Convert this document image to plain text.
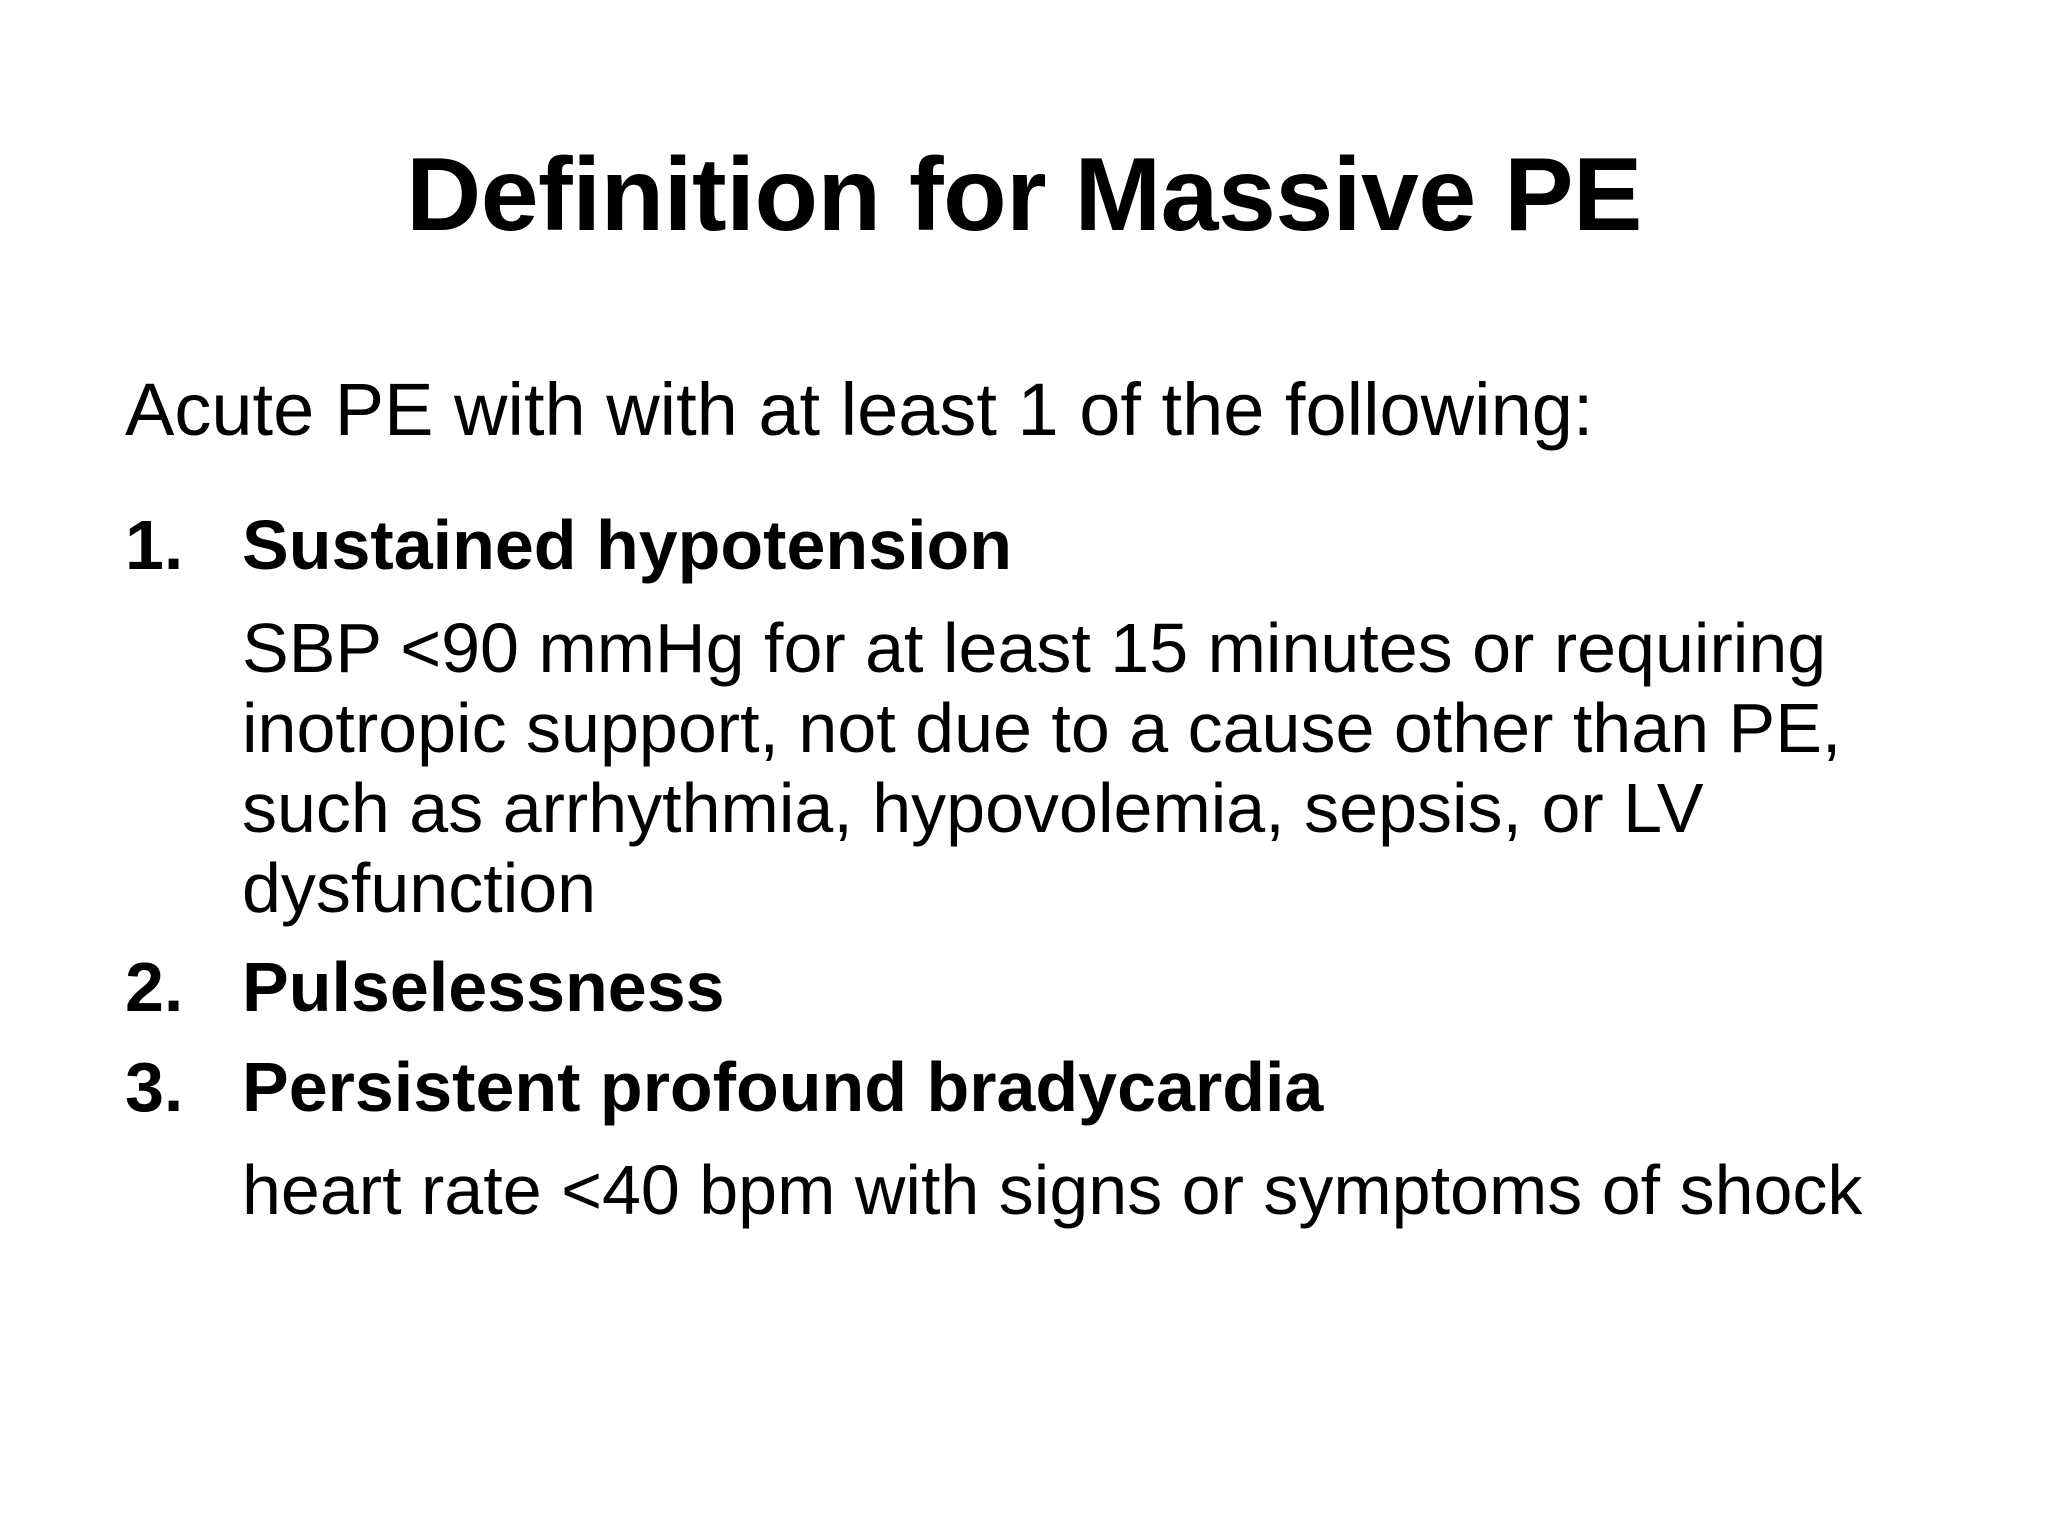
Definition for Massive PE
Acute PE with with at least 1 of the following:
1. Sustained hypotension
SBP <90 mmHg for at least 15 minutes or requiring inotropic support, not due to a cause other than PE, such as arrhythmia, hypovolemia, sepsis, or LV dysfunction
2. Pulselessness
3. Persistent profound bradycardia
heart rate <40 bpm with signs or symptoms of shock
